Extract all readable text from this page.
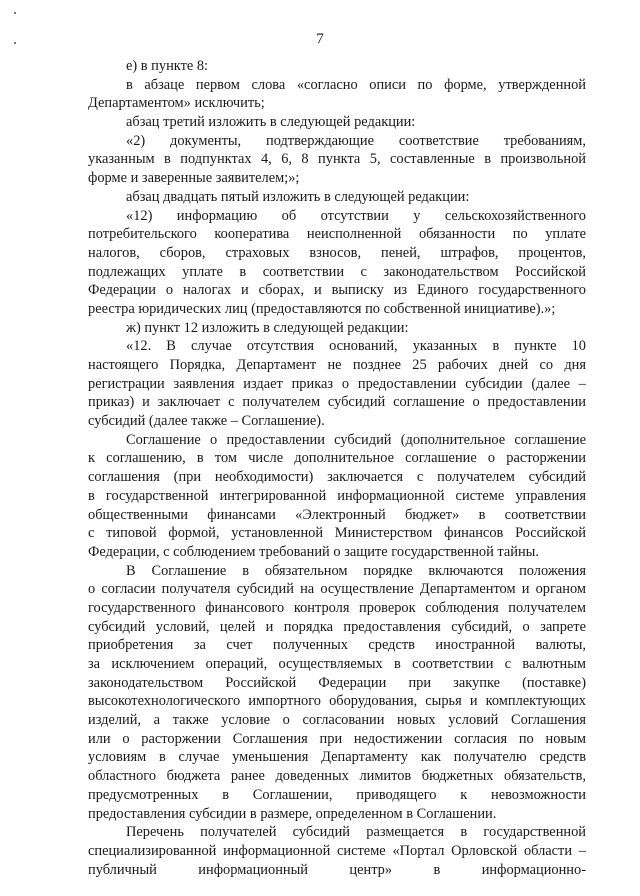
7
е) в пункте 8:
в абзаце первом слова «согласно описи по форме, утвержденной
Департаментом» исключить;
абзац третий изложить в следующей редакции:
«2) документы, подтверждающие соответствие требованиям,
указанным в подпунктах 4, 6, 8 пункта 5, составленные в произвольной
форме и заверенные заявителем;»;
абзац двадцать пятый изложить в следующей редакции:
«12) информацию об отсутствии у сельскохозяйственного
потребительского кооператива неисполненной обязанности по уплате
налогов, сборов, страховых взносов, пеней, штрафов, процентов,
подлежащих уплате в соответствии с законодательством Российской
Федерации о налогах и сборах, и выписку из Единого государственного
реестра юридических лиц (предоставляются по собственной инициативе).»;
ж) пункт 12 изложить в следующей редакции:
«12. В случае отсутствия оснований, указанных в пункте 10
настоящего Порядка, Департамент не позднее 25 рабочих дней со дня
регистрации заявления издает приказ о предоставлении субсидии (далее –
приказ) и заключает с получателем субсидий соглашение о предоставлении
субсидий (далее также – Соглашение).
Соглашение о предоставлении субсидий (дополнительное соглашение
к соглашению, в том числе дополнительное соглашение о расторжении
соглашения (при необходимости) заключается с получателем субсидий
в государственной интегрированной информационной системе управления
общественными финансами «Электронный бюджет» в соответствии
с типовой формой, установленной Министерством финансов Российской
Федерации, с соблюдением требований о защите государственной тайны.
В Соглашение в обязательном порядке включаются положения
о согласии получателя субсидий на осуществление Департаментом и органом
государственного финансового контроля проверок соблюдения получателем
субсидий условий, целей и порядка предоставления субсидий, о запрете
приобретения за счет полученных средств иностранной валюты,
за исключением операций, осуществляемых в соответствии с валютным
законодательством Российской Федерации при закупке (поставке)
высокотехнологического импортного оборудования, сырья и комплектующих
изделий, а также условие о согласовании новых условий Соглашения
или о расторжении Соглашения при недостижении согласия по новым
условиям в случае уменьшения Департаменту как получателю средств
областного бюджета ранее доведенных лимитов бюджетных обязательств,
предусмотренных в Соглашении, приводящего к невозможности
предоставления субсидии в размере, определенном в Соглашении.
Перечень получателей субсидий размещается в государственной
специализированной информационной системе «Портал Орловской области –
публичный информационный центр» в информационно-
